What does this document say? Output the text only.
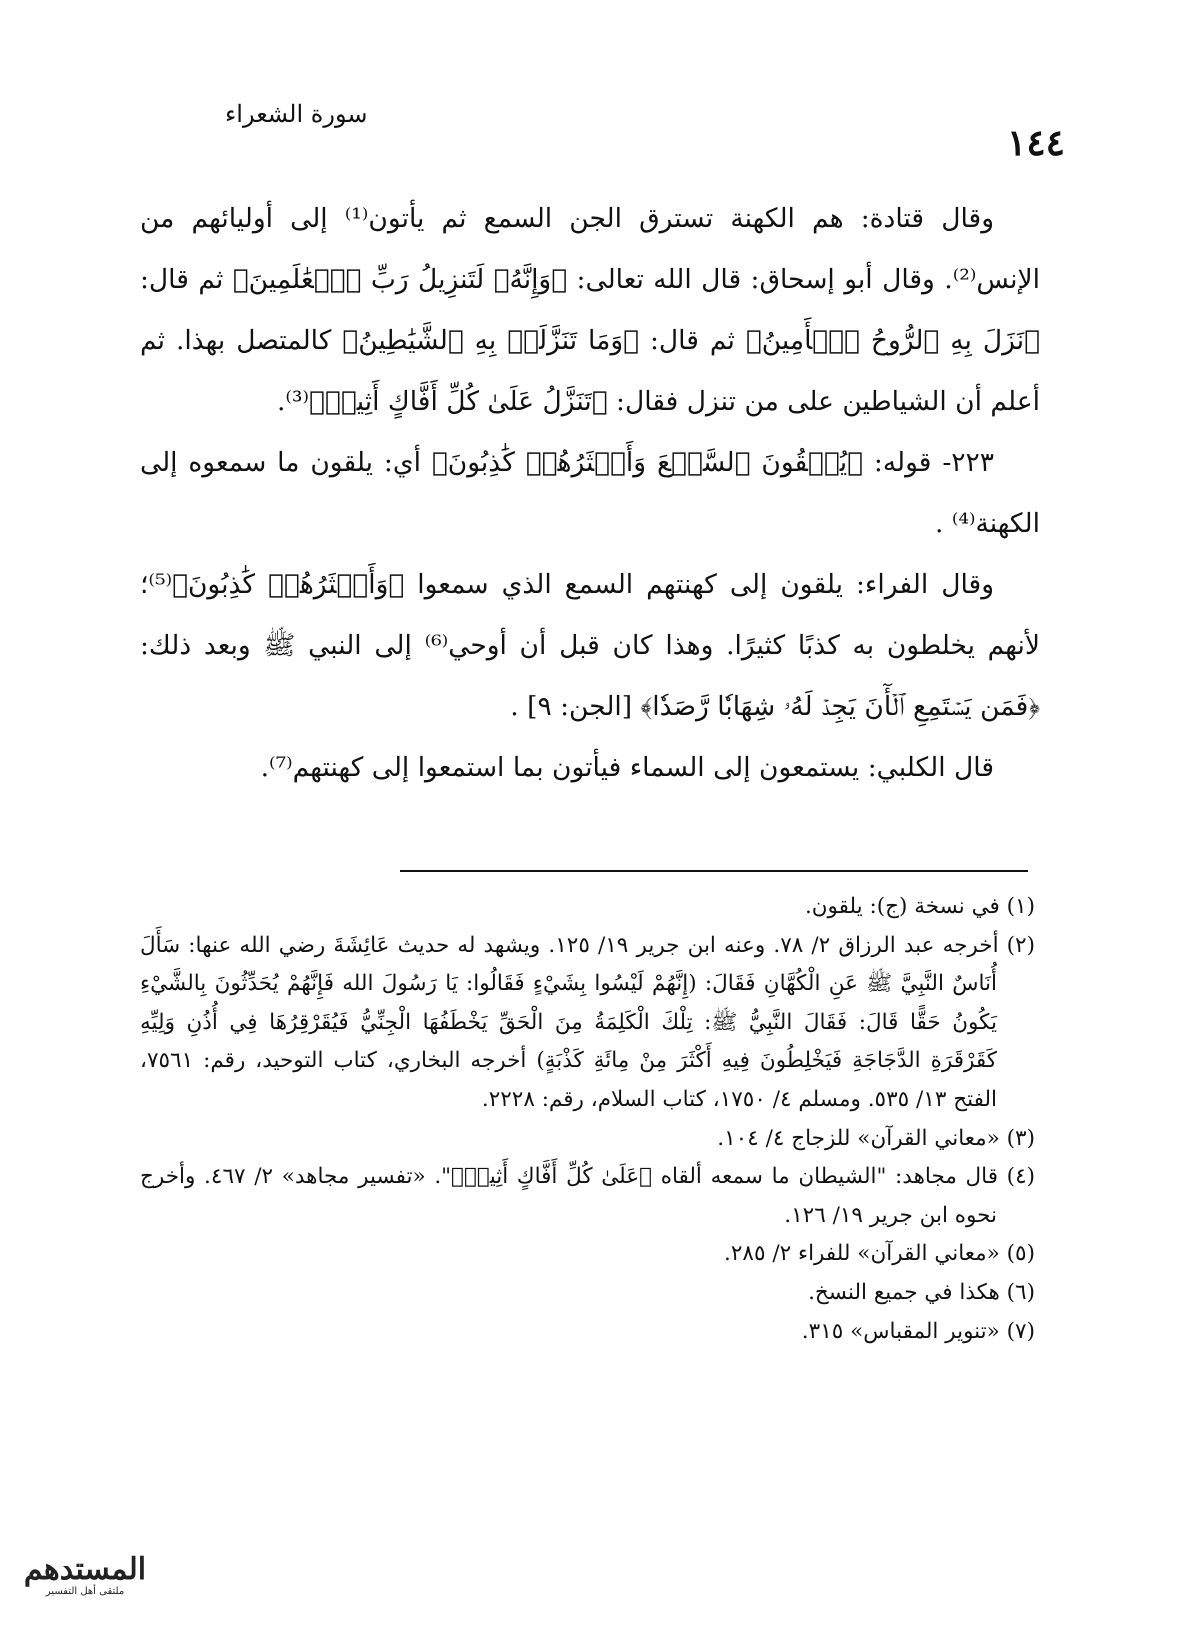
١٤٤
سورة الشعراء

وقال قتادة: هم الكهنة تسترق الجن السمع ثم يأتون⁽¹⁾ إلى أوليائهم من الإنس⁽²⁾. وقال أبو إسحاق: قال الله تعالى: ﴿وَإِنَّهُۥ لَتَنزِيلُ رَبِّ ٱلۡعَٰلَمِينَ﴾ ثم قال: ﴿نَزَلَ بِهِ ٱلرُّوحُ ٱلۡأَمِينُ﴾ ثم قال: ﴿وَمَا تَنَزَّلَتۡ بِهِ ٱلشَّيَٰطِينُ﴾ كالمتصل بهذا. ثم أعلم أن الشياطين على من تنزل فقال: ﴿تَنَزَّلُ عَلَىٰ كُلِّ أَفَّاكٍ أَثِيمٖ﴾⁽³⁾.

٢٢٣- قوله: ﴿يُلۡقُونَ ٱلسَّمۡعَ وَأَكۡثَرُهُمۡ كَٰذِبُونَ﴾ أي: يلقون ما سمعوه إلى الكهنة⁽⁴⁾ .

وقال الفراء: يلقون إلى كهنتهم السمع الذي سمعوا ﴿وَأَكۡثَرُهُمۡ كَٰذِبُونَ﴾⁽⁵⁾؛ لأنهم يخلطون به كذبًا كثيرًا. وهذا كان قبل أن أوحي⁽⁶⁾ إلى النبي ﷺ وبعد ذلك: ﴿فَمَن يَسۡتَمِعِ ٱلۡأٓنَ يَجِدۡ لَهُۥ شِهَابٗا رَّصَدٗا﴾ [الجن: ٩] .

قال الكلبي: يستمعون إلى السماء فيأتون بما استمعوا إلى كهنتهم⁽⁷⁾.

(١) في نسخة (ج): يلقون.

(٢) أخرجه عبد الرزاق ٢/ ٧٨. وعنه ابن جرير ١٩/ ١٢٥. ويشهد له حديث عَائِشَةَ رضي الله عنها: سَأَلَ أُنَاسٌ النَّبِيَّ ﷺ عَنِ الْكُهَّانِ فَقَالَ: (إِنَّهُمْ لَيْسُوا بِشَيْءٍ فَقَالُوا: يَا رَسُولَ الله فَإِنَّهُمْ يُحَدِّثُونَ بِالشَّيْءِ يَكُونُ حَقًّا قَالَ: فَقَالَ النَّبِيُّ ﷺ: تِلْكَ الْكَلِمَةُ مِنَ الْحَقِّ يَخْطَفُهَا الْجِنِّيُّ فَيُقَرْقِرُهَا فِي أُذُنِ وَلِيِّهِ كَقَرْقَرَةِ الدَّجَاجَةِ فَيَخْلِطُونَ فِيهِ أَكْثَرَ مِنْ مِائَةِ كَذْبَةٍ) أخرجه البخاري، كتاب التوحيد، رقم: ٧٥٦١، الفتح ١٣/ ٥٣٥. ومسلم ٤/ ١٧٥٠، كتاب السلام، رقم: ٢٢٢٨.

(٣) «معاني القرآن» للزجاج ٤/ ١٠٤.

(٤) قال مجاهد: "الشيطان ما سمعه ألقاه ﴿عَلَىٰ كُلِّ أَفَّاكٍ أَثِيمٖ﴾". «تفسير مجاهد» ٢/ ٤٦٧. وأخرج نحوه ابن جرير ١٩/ ١٢٦.

(٥) «معاني القرآن» للفراء ٢/ ٢٨٥.

(٦) هكذا في جميع النسخ.

(٧) «تنوير المقباس» ٣١٥.

المستدهم
ملتقى أهل التفسير
